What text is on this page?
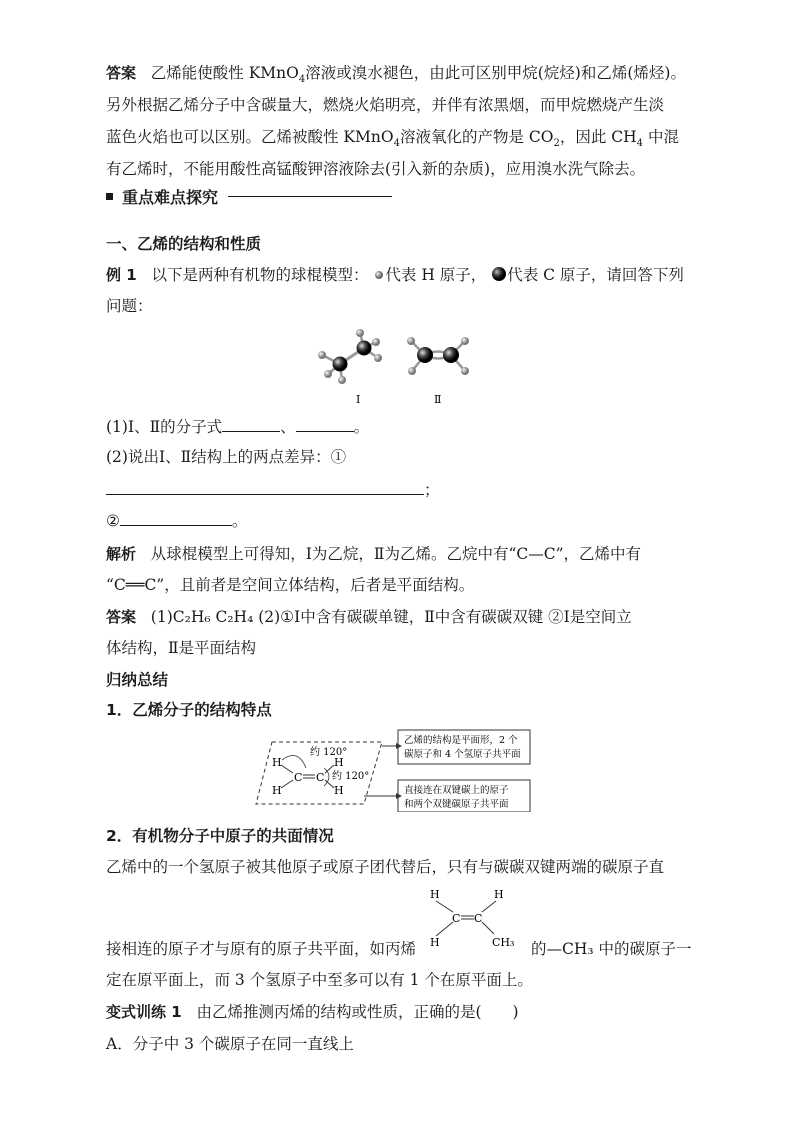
答案 乙烯能使酸性 KMnO$_4$溶液或溴水褪色，由此可区别甲烷(烷烃)和乙烯(烯烃)。
另外根据乙烯分子中含碳量大，燃烧火焰明亮，并伴有浓黑烟，而甲烷燃烧产生淡
蓝色火焰也可以区别。乙烯被酸性 KMnO$_4$溶液氧化的产物是 $CO_2$，因此 $CH_4$ 中混
有乙烯时，不能用酸性高锰酸钾溶液除去(引入新的杂质)，应用溴水洗气除去。
重点难点探究
一、乙烯的结构和性质
例 1 以下是两种有机物的球棍模型： 代表 H 原子， 代表 C 原子，请回答下列
问题：
Ⅰ	Ⅱ
(1)Ⅰ、Ⅱ的分子式	、	。
(2)说出Ⅰ、Ⅱ结构上的两点差异：①
；
②	。
解析 从球棍模型上可得知，Ⅰ为乙烷，Ⅱ为乙烯。乙烷中有“C—C”，乙烯中有
“C══C”，且前者是空间立体结构，后者是平面结构。
答案 (1)C₂H₆ C₂H₄ (2)①Ⅰ中含有碳碳单键，Ⅱ中含有碳碳双键 ②Ⅰ是空间立
体结构，Ⅱ是平面结构
归纳总结
1．乙烯分子的结构特点
约 120°
约 120°
H
H
C C
H
H
乙烯的结构是平面形，2 个
碳原子和 4 个氢原子共平面
直接连在双键碳上的原子
和两个双键碳原子共平面
2．有机物分子中原子的共面情况
乙烯中的一个氢原子被其他原子或原子团代替后，只有与碳碳双键两端的碳原子直
H
H
C C
H
CH₃
接相连的原子才与原有的原子共平面，如丙烯	的—CH₃ 中的碳原子一
定在原平面上，而 3 个氢原子中至多可以有 1 个在原平面上。
变式训练 1 由乙烯推测丙烯的结构或性质，正确的是(　　)
A．分子中 3 个碳原子在同一直线上
